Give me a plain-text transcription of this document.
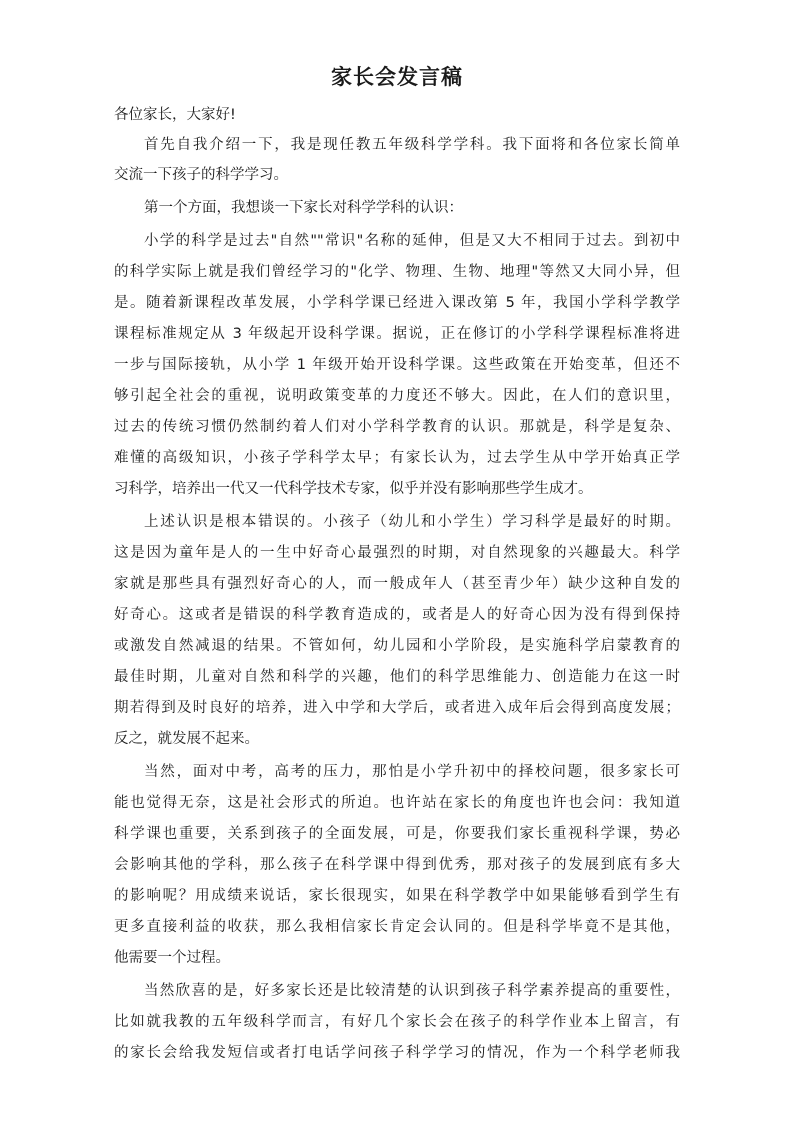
家长会发言稿
各位家长，大家好!
首先自我介绍一下，我是现任教五年级科学学科。我下面将和各位家长简单
交流一下孩子的科学学习。
第一个方面，我想谈一下家长对科学学科的认识：
小学的科学是过去"自然""常识"名称的延伸，但是又大不相同于过去。到初中
的科学实际上就是我们曾经学习的"化学、物理、生物、地理"等然又大同小异，但
是。随着新课程改革发展，小学科学课已经进入课改第 5 年，我国小学科学教学
课程标准规定从 3 年级起开设科学课。据说，正在修订的小学科学课程标准将进
一步与国际接轨，从小学 1 年级开始开设科学课。这些政策在开始变革，但还不
够引起全社会的重视，说明政策变革的力度还不够大。因此，在人们的意识里，
过去的传统习惯仍然制约着人们对小学科学教育的认识。那就是，科学是复杂、
难懂的高级知识，小孩子学科学太早；有家长认为，过去学生从中学开始真正学
习科学，培养出一代又一代科学技术专家，似乎并没有影响那些学生成才。
上述认识是根本错误的。小孩子（幼儿和小学生）学习科学是最好的时期。
这是因为童年是人的一生中好奇心最强烈的时期，对自然现象的兴趣最大。科学
家就是那些具有强烈好奇心的人，而一般成年人（甚至青少年）缺少这种自发的
好奇心。这或者是错误的科学教育造成的，或者是人的好奇心因为没有得到保持
或激发自然减退的结果。不管如何，幼儿园和小学阶段，是实施科学启蒙教育的
最佳时期，儿童对自然和科学的兴趣，他们的科学思维能力、创造能力在这一时
期若得到及时良好的培养，进入中学和大学后，或者进入成年后会得到高度发展；
反之，就发展不起来。
当然，面对中考，高考的压力，那怕是小学升初中的择校问题，很多家长可
能也觉得无奈，这是社会形式的所迫。也许站在家长的角度也许也会问：我知道
科学课也重要，关系到孩子的全面发展，可是，你要我们家长重视科学课，势必
会影响其他的学科，那么孩子在科学课中得到优秀，那对孩子的发展到底有多大
的影响呢？用成绩来说话，家长很现实，如果在科学教学中如果能够看到学生有
更多直接利益的收获，那么我相信家长肯定会认同的。但是科学毕竟不是其他，
他需要一个过程。
当然欣喜的是，好多家长还是比较清楚的认识到孩子科学素养提高的重要性，
比如就我教的五年级科学而言，有好几个家长会在孩子的科学作业本上留言，有
的家长会给我发短信或者打电话学问孩子科学学习的情况，作为一个科学老师我
